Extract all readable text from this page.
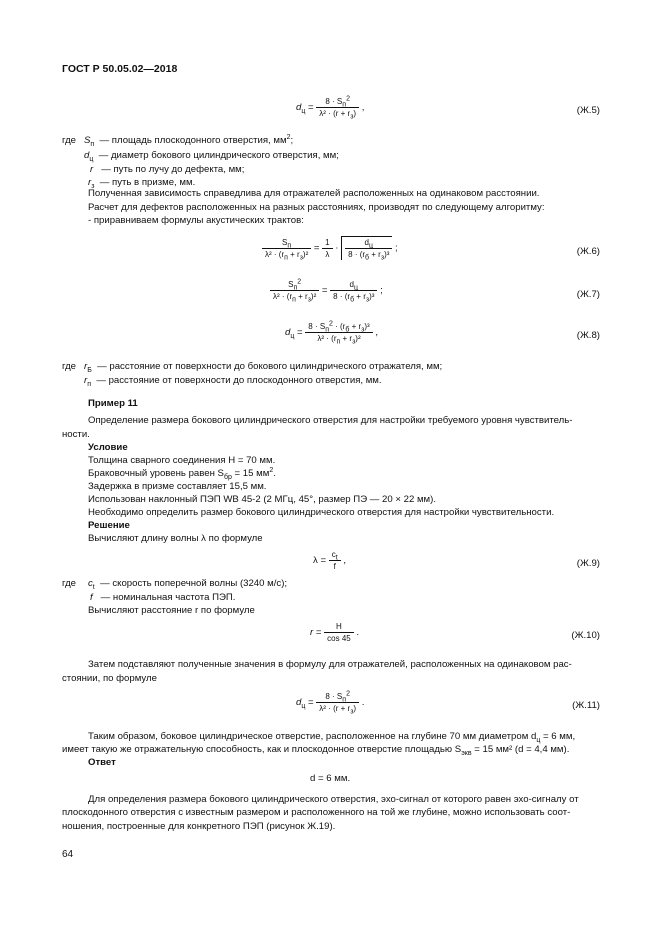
ГОСТ Р 50.05.02—2018
$d_ц = \frac{8 \cdot S_п^2}{\lambda^2 \cdot (r + r_з)}$ ,	(Ж.5)
где $S_п$  — площадь плоскодонного отверстия, $мм^2$;
$d_ц$  — диаметр бокового цилиндрического отверстия, мм;
r   — путь по лучу до дефекта, мм;
$r_з$  — путь в призме, мм.
Полученная зависимость справедлива для отражателей расположенных на одинаковом расстоянии.
Расчет для дефектов расположенных на разных расстояниях, производят по следующему алгоритму:
- приравниваем формулы акустических трактов:
$\frac{S_п}{\lambda^2 \cdot (r_п + r_з)^2} = \frac{1}{\lambda} \cdot \frac{d_ц}{8 \cdot (r_б + r_з)^3}$ ;	(Ж.6)
$\frac{S_п^2}{\lambda^2 \cdot (r_п + r_з)^2} = \frac{d_ц}{8 \cdot (r_б + r_з)^3}$ ;	(Ж.7)
$d_ц = \frac{8 \cdot S_п^2 \cdot (r_б + r_з)^3}{\lambda^2 \cdot (r_п + r_з)^2}$ ,	(Ж.8)
где $r_Б$  — расстояние от поверхности до бокового цилиндрического отражателя, мм;
$r_п$  — расстояние от поверхности до плоскодонного отверстия, мм.
Пример 11
Определение размера бокового цилиндрического отверстия для настройки требуемого уровня чувствитель-
ности.
Условие
Толщина сварного соединения H = 70 мм.
Браковочный уровень равен $S_{бр} = 15$ $мм^2$.
Задержка в призме составляет 15,5 мм.
Использован наклонный ПЭП WB 45-2 (2 МГц, 45°, размер ПЭ — 20 × 22 мм).
Необходимо определить размер бокового цилиндрического отверстия для настройки чувствительности.
Решение
Вычисляют длину волны λ по формуле
$\lambda = \frac{c_t}{f}$ ,	(Ж.9)
где $c_t$  — скорость поперечной волны (3240 м/с);
f   — номинальная частота ПЭП.
Вычисляют расстояние r по формуле
$r = \frac{H}{\cos 45}$ .	(Ж.10)
Затем подставляют полученные значения в формулу для отражателей, расположенных на одинаковом рас-
стоянии, по формуле
$d_ц = \frac{8 \cdot S_п^2}{\lambda^2 \cdot (r + r_з)}$ .	(Ж.11)
Таким образом, боковое цилиндрическое отверстие, расположенное на глубине 70 мм диаметром $d_ц = 6$ мм,
имеет такую же отражательную способность, как и плоскодонное отверстие площадью $S_{экв} = 15$ мм² (d = 4,4 мм).
Ответ
d = 6 мм.
Для определения размера бокового цилиндрического отверстия, эхо-сигнал от которого равен эхо-сигналу от
плоскодонного отверстия с известным размером и расположенного на той же глубине, можно использовать соот-
ношения, построенные для конкретного ПЭП (рисунок Ж.19).
64
